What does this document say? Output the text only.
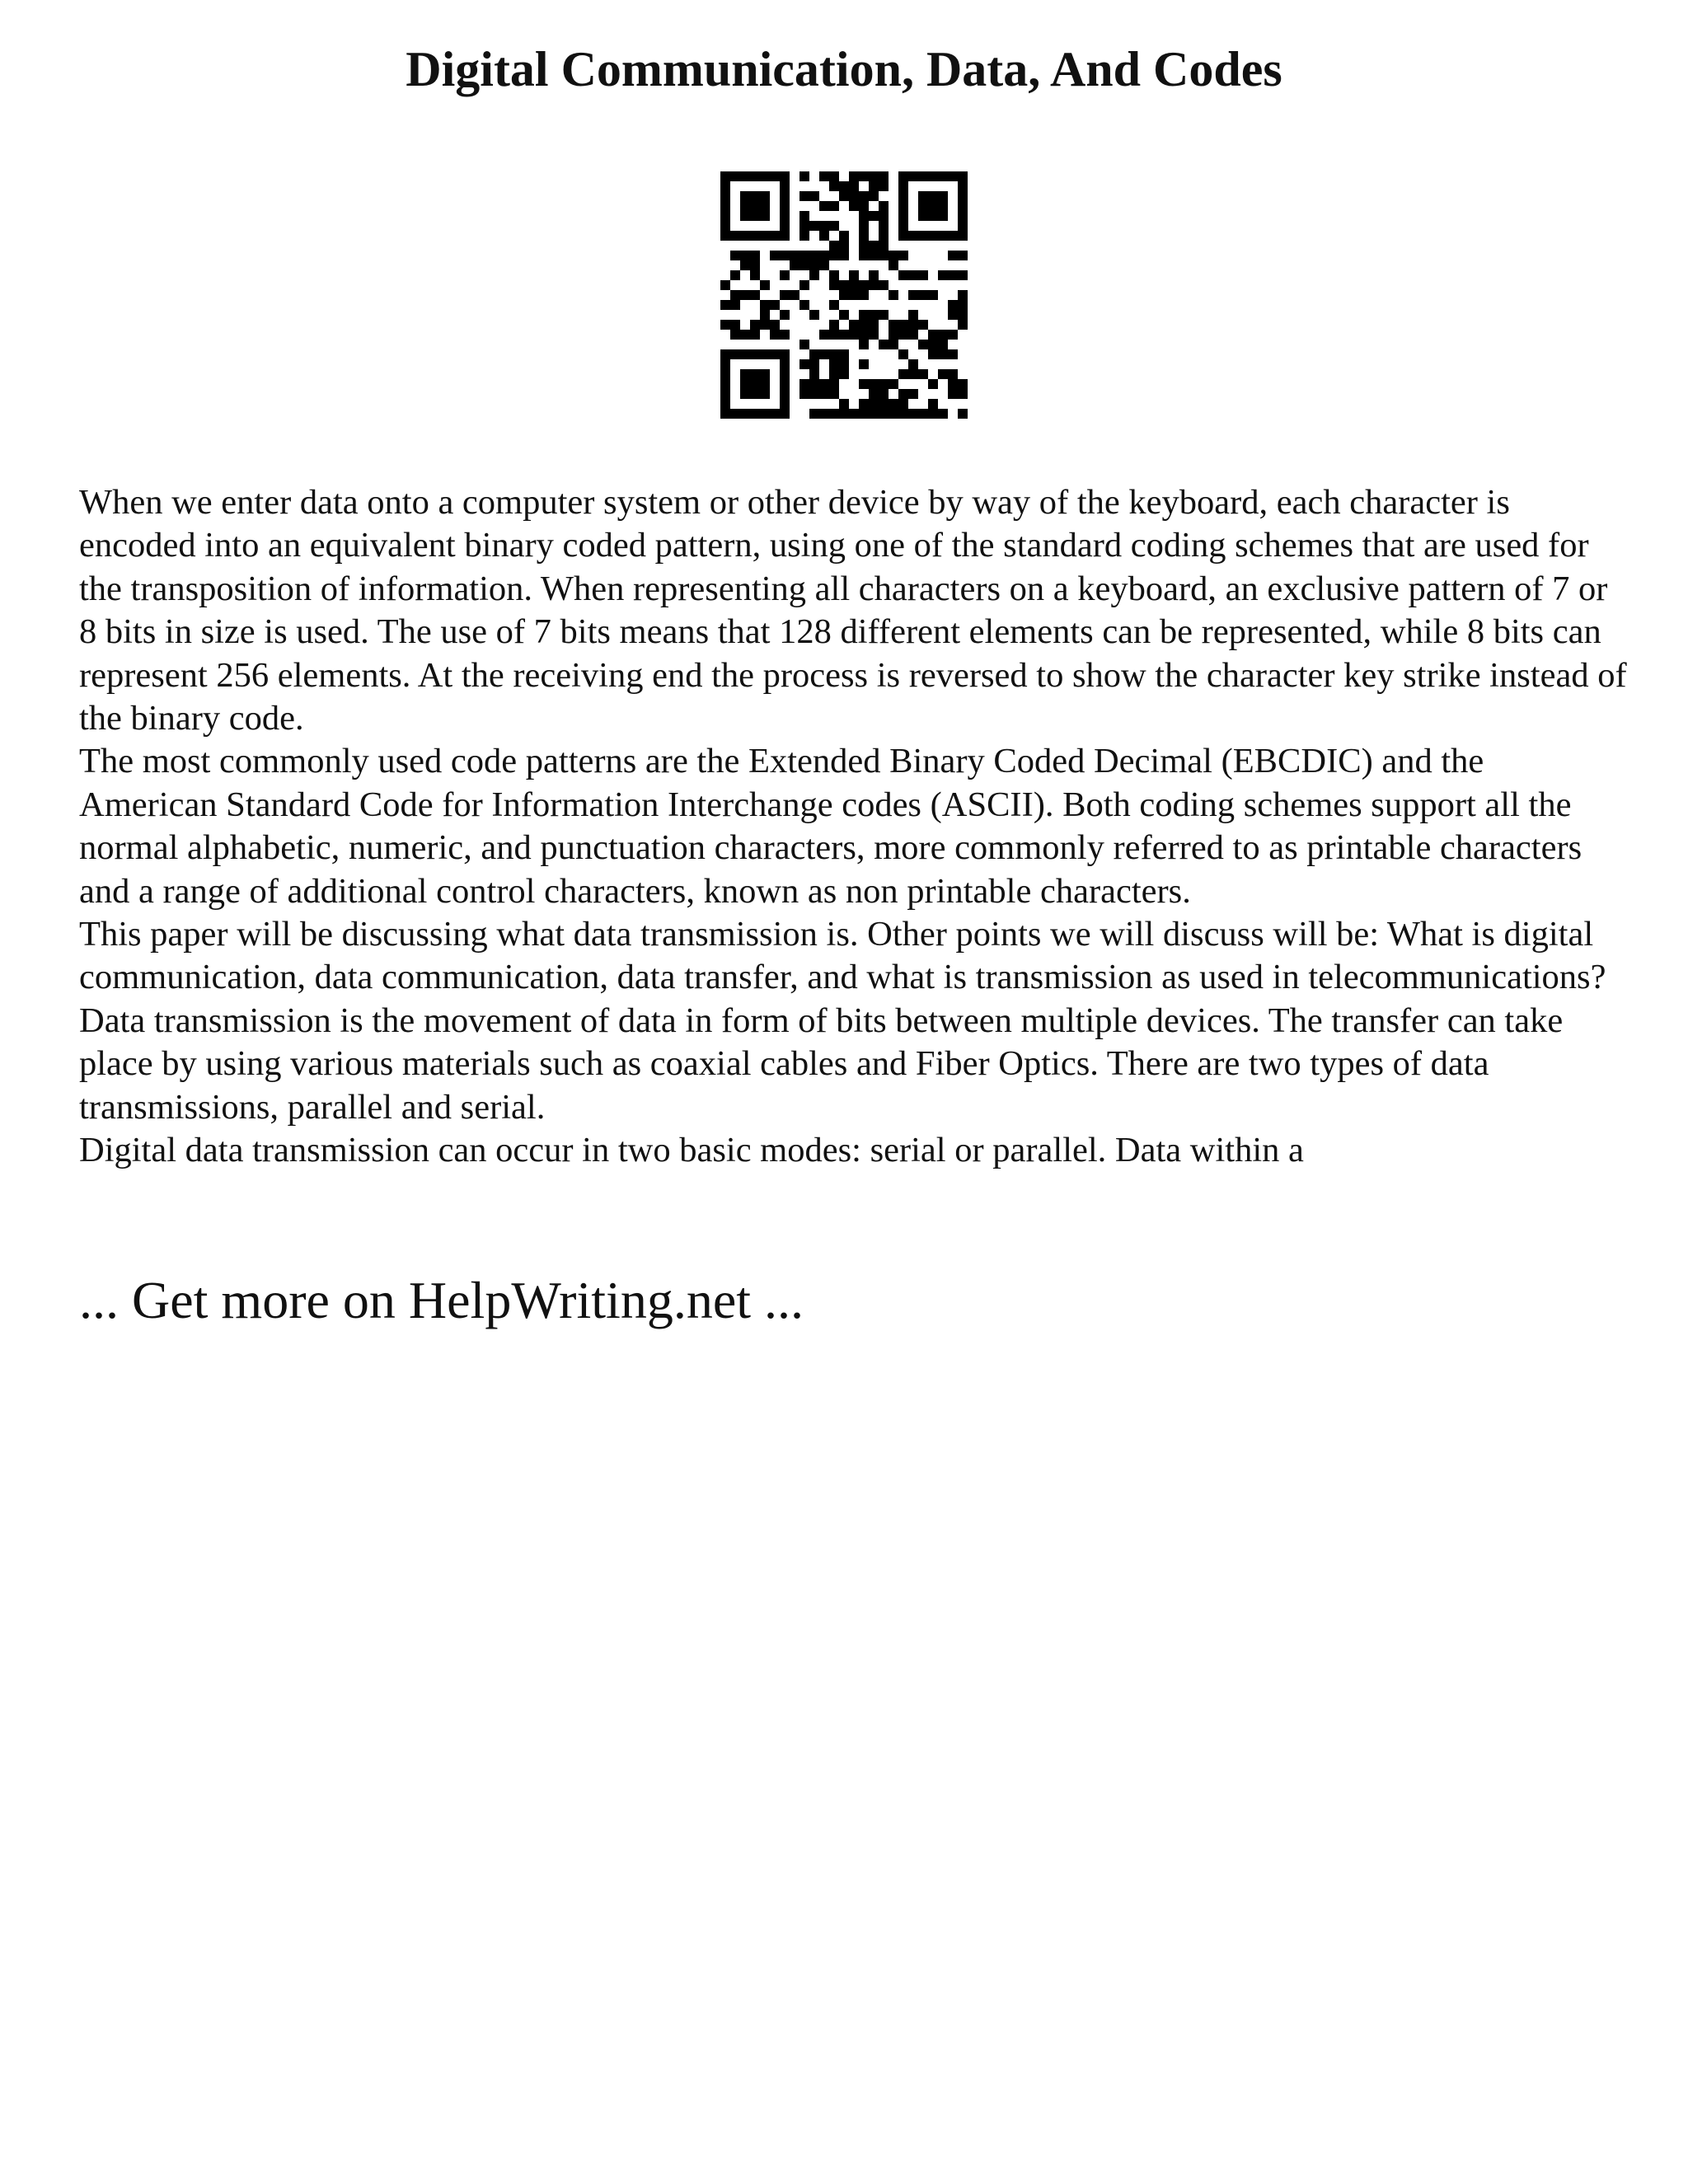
Digital Communication, Data, And Codes

When we enter data onto a computer system or other device by way of the keyboard, each character is encoded into an equivalent binary coded pattern, using one of the standard coding schemes that are used for the transposition of information. When representing all characters on a keyboard, an exclusive pattern of 7 or 8 bits in size is used. The use of 7 bits means that 128 different elements can be represented, while 8 bits can represent 256 elements. At the receiving end the process is reversed to show the character key strike instead of the binary code.

The most commonly used code patterns are the Extended Binary Coded Decimal (EBCDIC) and the American Standard Code for Information Interchange codes (ASCII). Both coding schemes support all the normal alphabetic, numeric, and punctuation characters, more commonly referred to as printable characters and a range of additional control characters, known as non printable characters.

This paper will be discussing what data transmission is. Other points we will discuss will be: What is digital communication, data communication, data transfer, and what is transmission as used in telecommunications?

Data transmission is the movement of data in form of bits between multiple devices. The transfer can take place by using various materials such as coaxial cables and Fiber Optics. There are two types of data transmissions, parallel and serial.

Digital data transmission can occur in two basic modes: serial or parallel. Data within a

... Get more on HelpWriting.net ...
